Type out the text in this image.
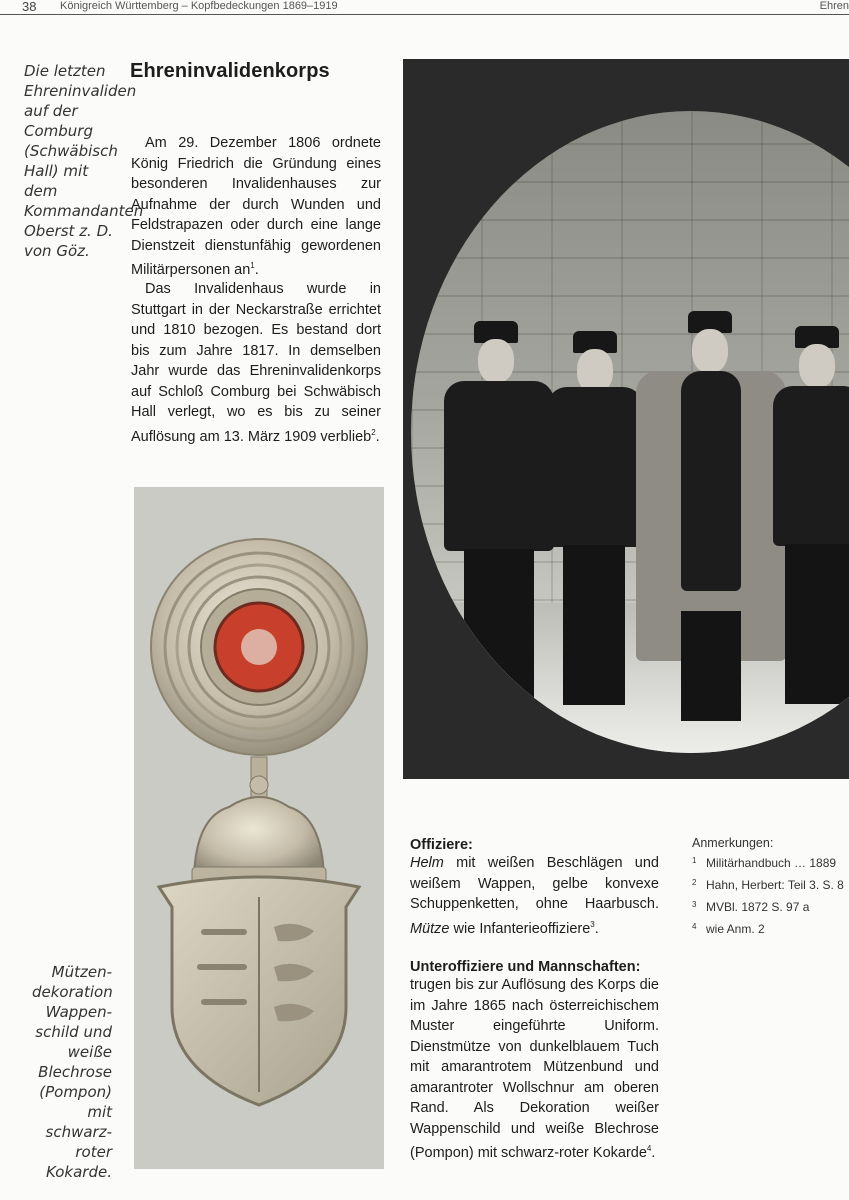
38 Königreich Württemberg – Kopfbedeckungen 1869–1919	Ehren

Die letzten Ehreninvaliden auf der Comburg (Schwäbisch Hall) mit dem Kommandanten Oberst z. D. von Göz.

Ehreninvalidenkorps

Am 29. Dezember 1806 ordnete König Friedrich die Gründung eines besonderen Invalidenhauses zur Aufnahme der durch Wunden und Feldstrapazen oder durch eine lange Dienstzeit dienstunfähig gewordenen Militärpersonen $an^1$.

Das Invalidenhaus wurde in Stuttgart in der Neckarstraße errichtet und 1810 bezogen. Es bestand dort bis zum Jahre 1817. In demselben Jahr wurde das Ehreninvalidenkorps auf Schloß Comburg bei Schwäbisch Hall verlegt, wo es bis zu seiner Auflösung am 13. März 1909 verblieb$^2$.

Mützen-dekoration Wappen-schild und weiße Blechrose (Pompon) mit schwarz-roter Kokarde.

Offiziere:

Helm mit weißen Beschlägen und weißem Wappen, gelbe konvexe Schuppenketten, ohne Haarbusch. Mütze wie Infanterieoffiziere$^3$.

Unteroffiziere und Mannschaften:

trugen bis zur Auflösung des Korps die im Jahre 1865 nach österreichischem Muster eingeführte Uniform. Dienstmütze von dunkelblauem Tuch mit amarantrotem Mützenbund und amarantroter Wollschnur am oberen Rand. Als Dekoration weißer Wappenschild und weiße Blechrose (Pompon) mit schwarz-roter Kokarde$^4$.

Anmerkungen:

$^1$ Militärhandbuch … 1889
$^2$ Hahn, Herbert: Teil 3. S. 8
$^3$ MVBl. 1872 S. 97 a
$^4$ wie Anm. 2
